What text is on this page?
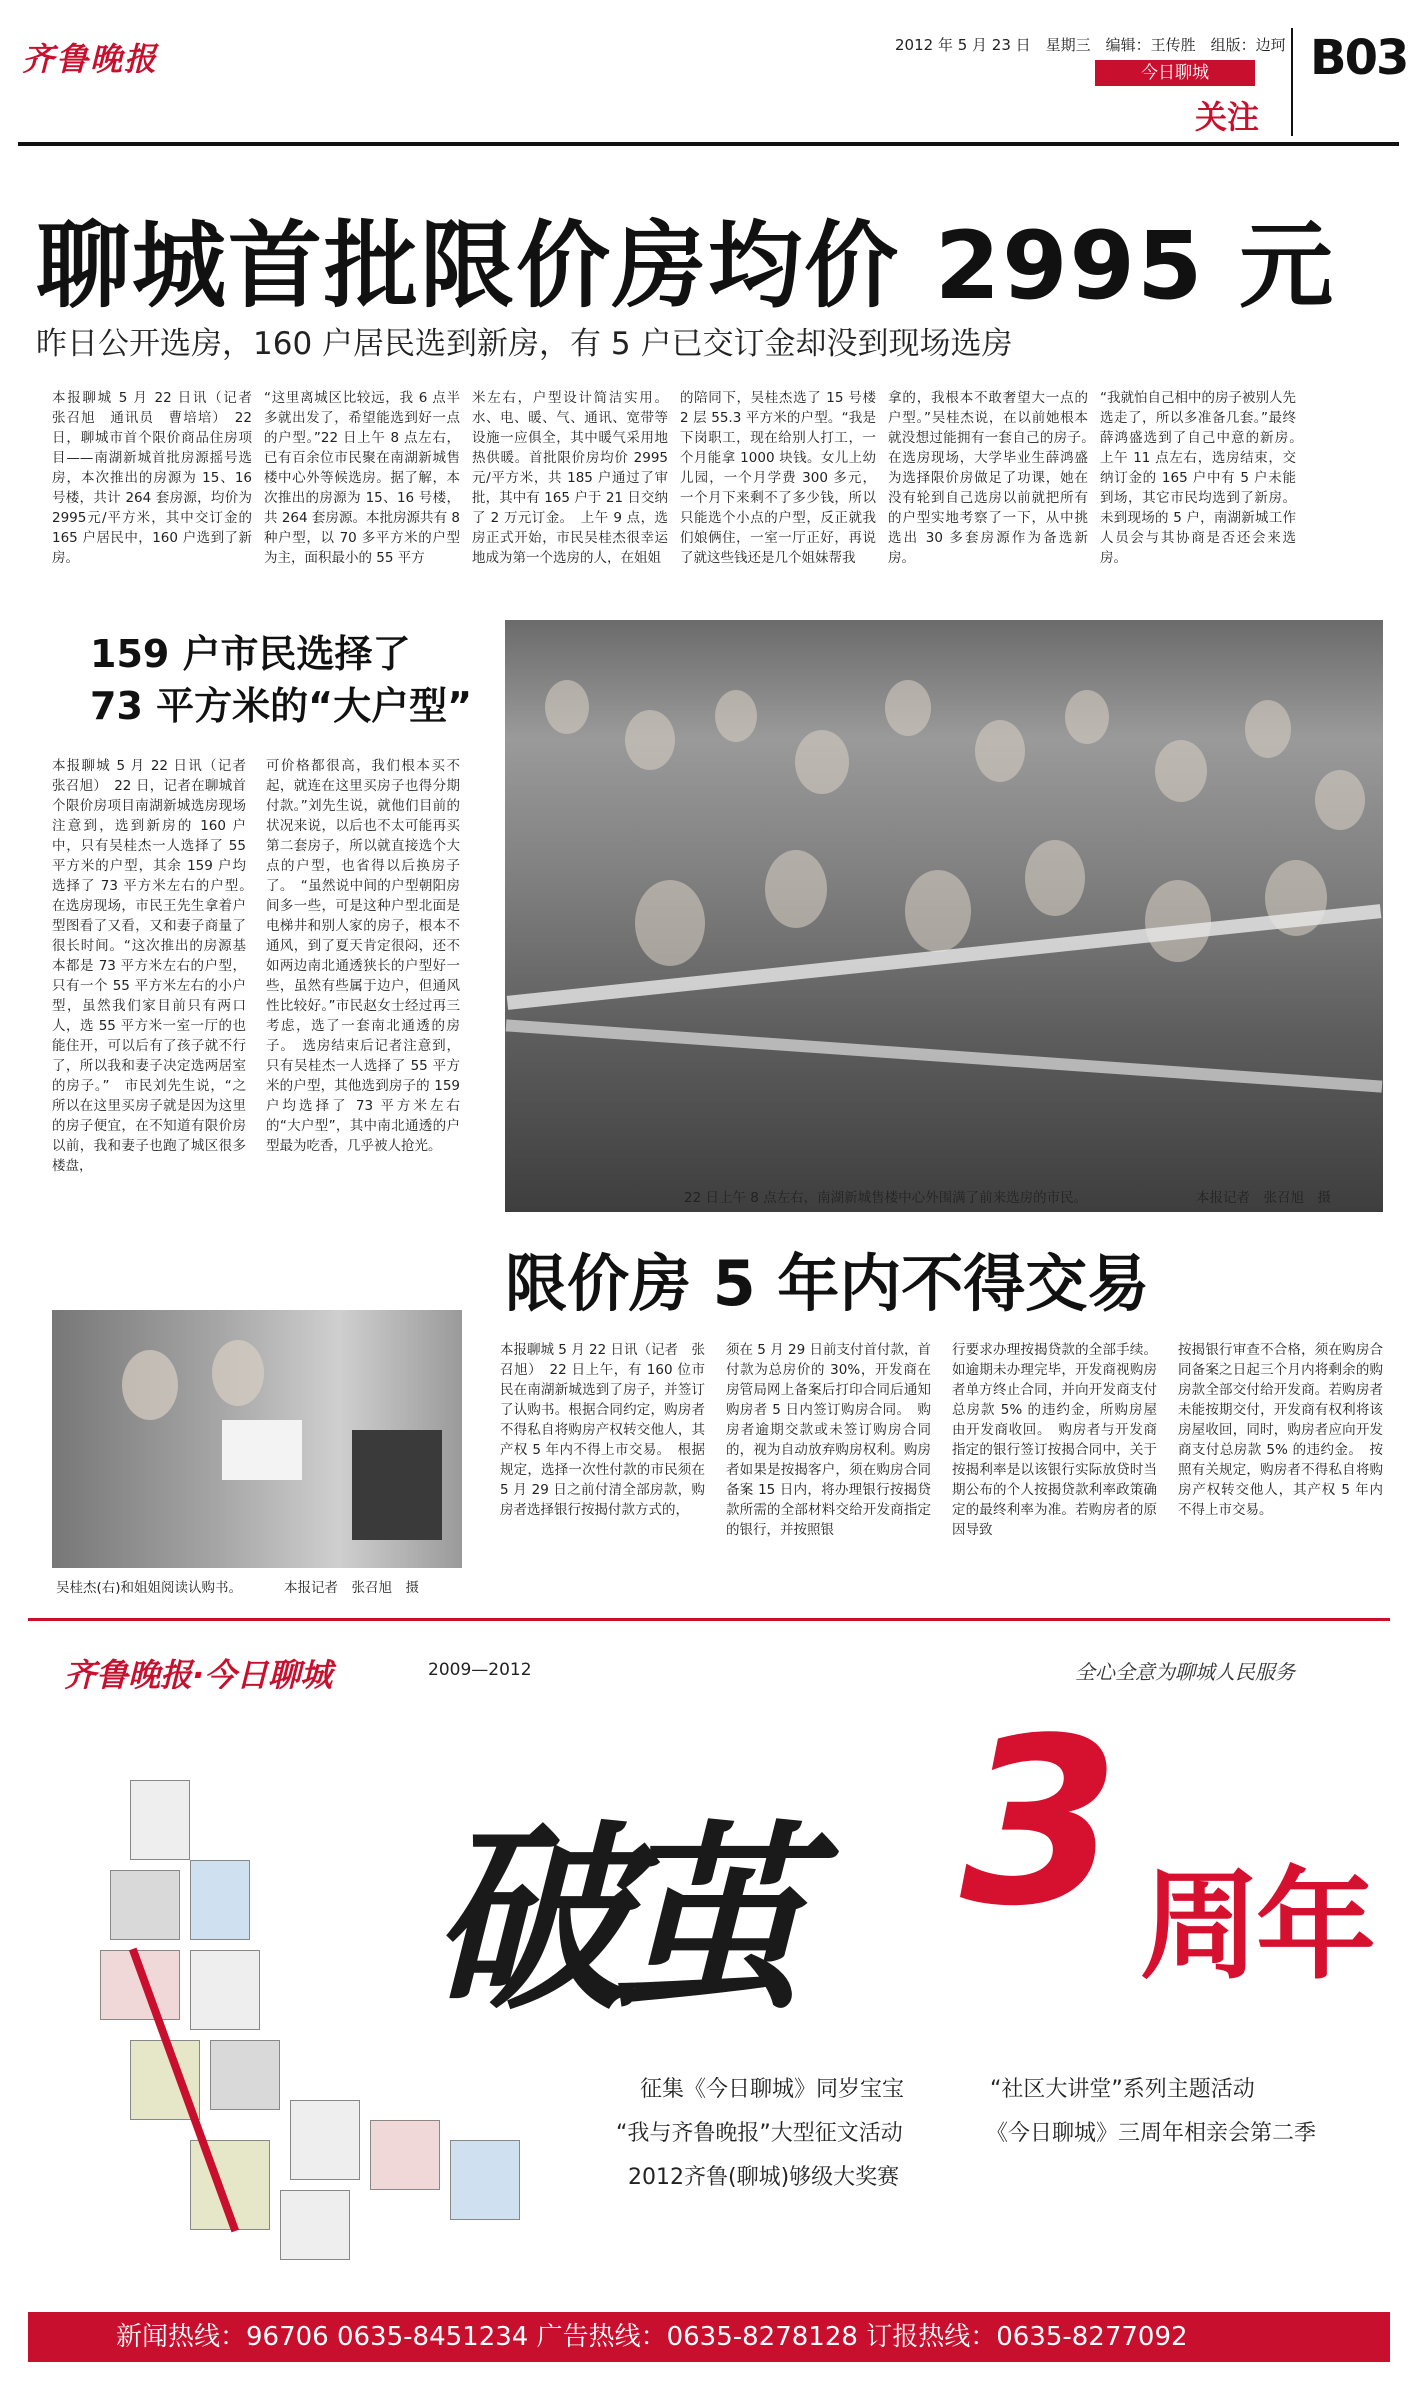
齐鲁晚报	2012 年 5 月 23 日　星期三　编辑：王传胜　组版：边珂
今日聊城
关注
B03
聊城首批限价房均价 2995 元
昨日公开选房，160 户居民选到新房，有 5 户已交订金却没到现场选房
本报聊城 5 月 22 日讯（记者　张召旭　通讯员　曹培培）　22 日，聊城市首个限价商品住房项目——南湖新城首批房源摇号选房，本次推出的房源为 15、16 号楼，共计 264 套房源，均价为2995元/平方米，其中交订金的 165 户居民中，160 户选到了新房。
“这里离城区比较远，我 6 点半多就出发了，希望能选到好一点的户型。”22 日上午 8 点左右，已有百余位市民聚在南湖新城售楼中心外等候选房。据了解，本次推出的房源为 15、16 号楼，共 264 套房源。本批房源共有 8 种户型，以 70 多平方米的户型为主，面积最小的 55 平方
米左右，户型设计简洁实用。水、电、暖、气、通讯、宽带等设施一应俱全，其中暖气采用地热供暖。首批限价房均价 2995元/平方米，共 185 户通过了审批，其中有 165 户于 21 日交纳了 2 万元订金。　上午 9 点，选房正式开始，市民吴桂杰很幸运地成为第一个选房的人，在姐姐
的陪同下，吴桂杰选了 15 号楼 2 层 55.3 平方米的户型。“我是下岗职工，现在给别人打工，一个月能拿 1000 块钱。女儿上幼儿园，一个月学费 300 多元，一个月下来剩不了多少钱，所以只能选个小点的户型，反正就我们娘俩住，一室一厅正好，再说了就这些钱还是几个姐妹帮我
拿的，我根本不敢奢望大一点的户型。”吴桂杰说，在以前她根本就没想过能拥有一套自己的房子。　在选房现场，大学毕业生薛鸿盛为选择限价房做足了功课，她在没有轮到自己选房以前就把所有的户型实地考察了一下，从中挑选出 30 多套房源作为备选新房。
“我就怕自己相中的房子被别人先选走了，所以多准备几套。”最终薛鸿盛选到了自己中意的新房。　上午 11 点左右，选房结束，交纳订金的 165 户中有 5 户未能到场，其它市民均选到了新房。未到现场的 5 户，南湖新城工作人员会与其协商是否还会来选房。
159 户市民选择了
73 平方米的“大户型”
本报聊城 5 月 22 日讯（记者　张召旭）　22 日，记者在聊城首个限价房项目南湖新城选房现场注意到，选到新房的 160 户中，只有吴桂杰一人选择了 55 平方米的户型，其余 159 户均选择了 73 平方米左右的户型。　在选房现场，市民王先生拿着户型图看了又看，又和妻子商量了很长时间。“这次推出的房源基本都是 73 平方米左右的户型，只有一个 55 平方米左右的小户型，虽然我们家目前只有两口人，选 55 平方米一室一厅的也能住开，可以后有了孩子就不行了，所以我和妻子决定选两居室的房子。”　市民刘先生说，“之所以在这里买房子就是因为这里的房子便宜，在不知道有限价房以前，我和妻子也跑了城区很多楼盘，
可价格都很高，我们根本买不起，就连在这里买房子也得分期付款。”刘先生说，就他们目前的状况来说，以后也不太可能再买第二套房子，所以就直接选个大点的户型，也省得以后换房子了。　“虽然说中间的户型朝阳房间多一些，可是这种户型北面是电梯井和别人家的房子，根本不通风，到了夏天肯定很闷，还不如两边南北通透狭长的户型好一些，虽然有些属于边户，但通风性比较好。”市民赵女士经过再三考虑，选了一套南北通透的房子。　选房结束后记者注意到，只有吴桂杰一人选择了 55 平方米的户型，其他选到房子的 159 户均选择了 73 平方米左右的“大户型”，其中南北通透的户型最为吃香，几乎被人抢光。
22 日上午 8 点左右，南湖新城售楼中心外围满了前来选房的市民。	本报记者　张召旭　摄
吴桂杰(右)和姐姐阅读认购书。	本报记者　张召旭　摄
限价房 5 年内不得交易
本报聊城 5 月 22 日讯（记者　张召旭）　22 日上午，有 160 位市民在南湖新城选到了房子，并签订了认购书。根据合同约定，购房者不得私自将购房产权转交他人，其产权 5 年内不得上市交易。　根据规定，选择一次性付款的市民须在 5 月 29 日之前付清全部房款，购房者选择银行按揭付款方式的，
须在 5 月 29 日前支付首付款，首付款为总房价的 30%，开发商在房管局网上备案后打印合同后通知购房者 5 日内签订购房合同。　购房者逾期交款或未签订购房合同的，视为自动放弃购房权利。购房者如果是按揭客户，须在购房合同备案 15 日内，将办理银行按揭贷款所需的全部材料交给开发商指定的银行，并按照银
行要求办理按揭贷款的全部手续。如逾期未办理完毕，开发商视购房者单方终止合同，并向开发商支付总房款 5% 的违约金，所购房屋由开发商收回。　购房者与开发商指定的银行签订按揭合同中，关于按揭利率是以该银行实际放贷时当期公布的个人按揭贷款利率政策确定的最终利率为准。若购房者的原因导致
按揭银行审查不合格，须在购房合同备案之日起三个月内将剩余的购房款全部交付给开发商。若购房者未能按期交付，开发商有权利将该房屋收回，同时，购房者应向开发商支付总房款 5% 的违约金。　按照有关规定，购房者不得私自将购房产权转交他人，其产权 5 年内不得上市交易。
齐鲁晚报·今日聊城	2009—2012	全心全意为聊城人民服务
破茧 3 周年
征集《今日聊城》同岁宝宝	“社区大讲堂”系列主题活动
“我与齐鲁晚报”大型征文活动	《今日聊城》三周年相亲会第二季
2012齐鲁(聊城)够级大奖赛
新闻热线：96706 0635-8451234 广告热线：0635-8278128 订报热线：0635-8277092
